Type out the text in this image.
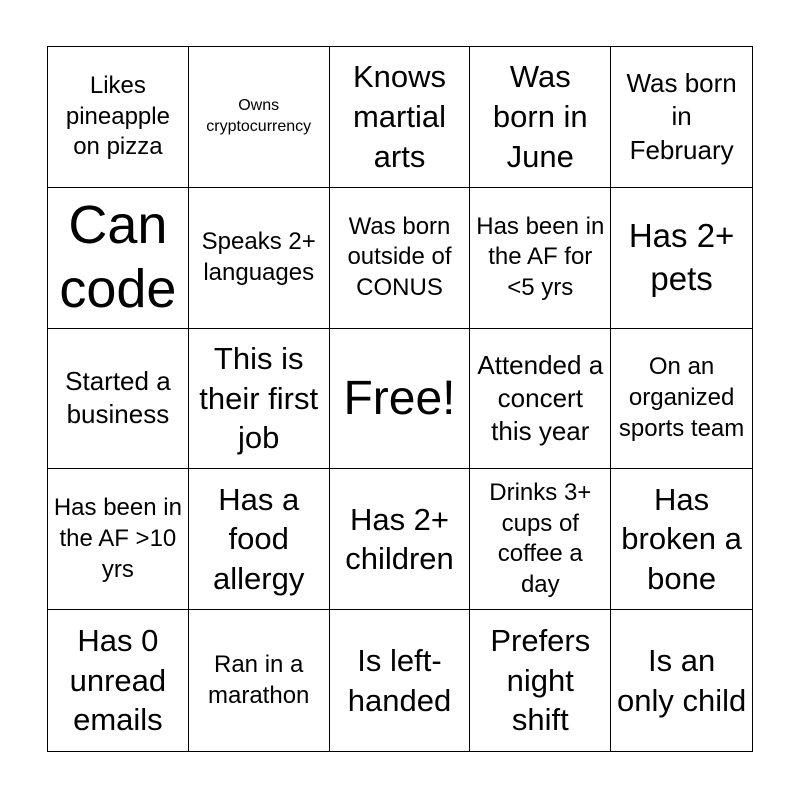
Likes pineapple on pizza
Owns cryptocurrency
Knows martial arts
Was born in June
Was born in February
Can code
Speaks 2+ languages
Was born outside of CONUS
Has been in the AF for <5 yrs
Has 2+ pets
Started a business
This is their first job
Free!
Attended a concert this year
On an organized sports team
Has been in the AF >10 yrs
Has a food allergy
Has 2+ children
Drinks 3+ cups of coffee a day
Has broken a bone
Has 0 unread emails
Ran in a marathon
Is left-handed
Prefers night shift
Is an only child
